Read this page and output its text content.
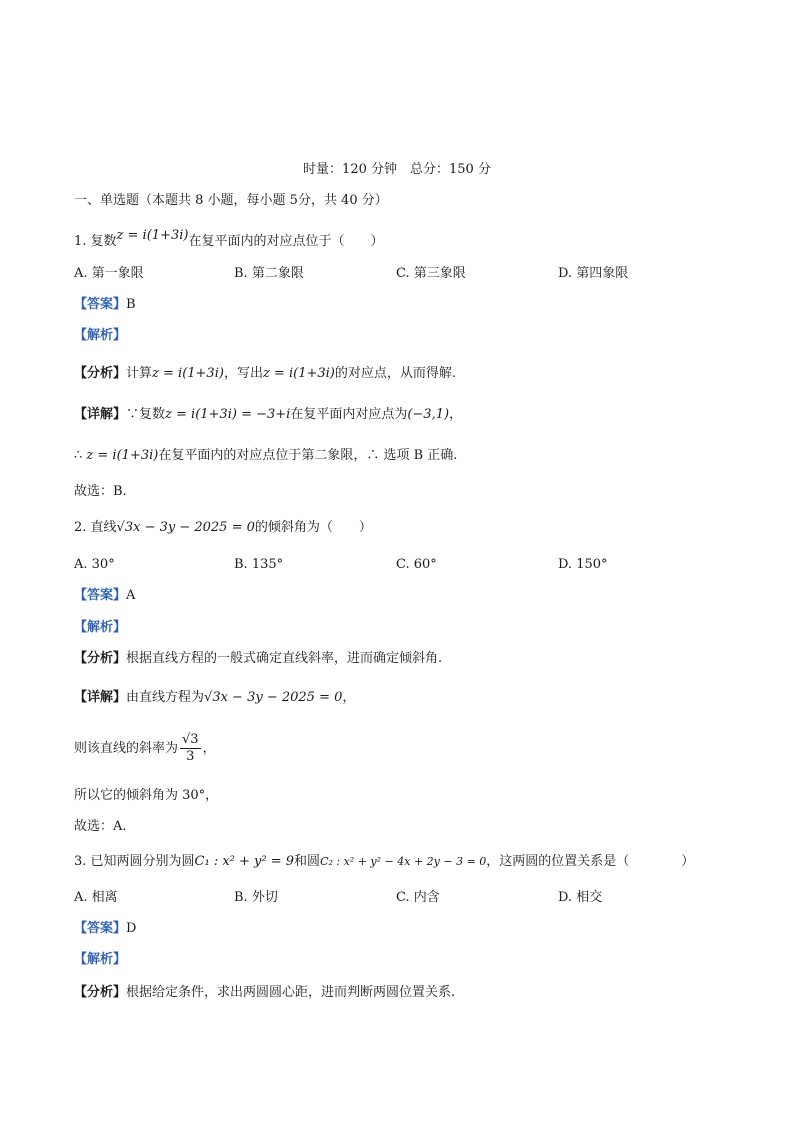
时量：120 分钟　总分：150 分
一、单选题（本题共 8 小题，每小题 5分，共 40 分）
1. 复数z = i(1+3i)在复平面内的对应点位于（　　）
A. 第一象限	B. 第二象限	C. 第三象限	D. 第四象限
【答案】B
【解析】
【分析】计算z = i(1+3i)，写出z = i(1+3i)的对应点，从而得解.
【详解】∵复数z = i(1+3i) = −3+i在复平面内对应点为(−3,1)，
∴ z = i(1+3i)在复平面内的对应点位于第二象限，∴ 选项 B 正确.
故选：B.
2. 直线√3x − 3y − 2025 = 0的倾斜角为（　　）
A. 30°	B. 135°	C. 60°	D. 150°
【答案】A
【解析】
【分析】根据直线方程的一般式确定直线斜率，进而确定倾斜角.
【详解】由直线方程为√3x − 3y − 2025 = 0，
则该直线的斜率为 $\frac{√3}{3}$ ，
所以它的倾斜角为 30°，
故选：A.
3. 已知两圆分别为圆C₁ : x² + y² = 9和圆C₂ : x² + y² − 4x + 2y − 3 = 0，这两圆的位置关系是（　　　　）
A. 相离	B. 外切	C. 内含	D. 相交
【答案】D
【解析】
【分析】根据给定条件，求出两圆圆心距，进而判断两圆位置关系.
